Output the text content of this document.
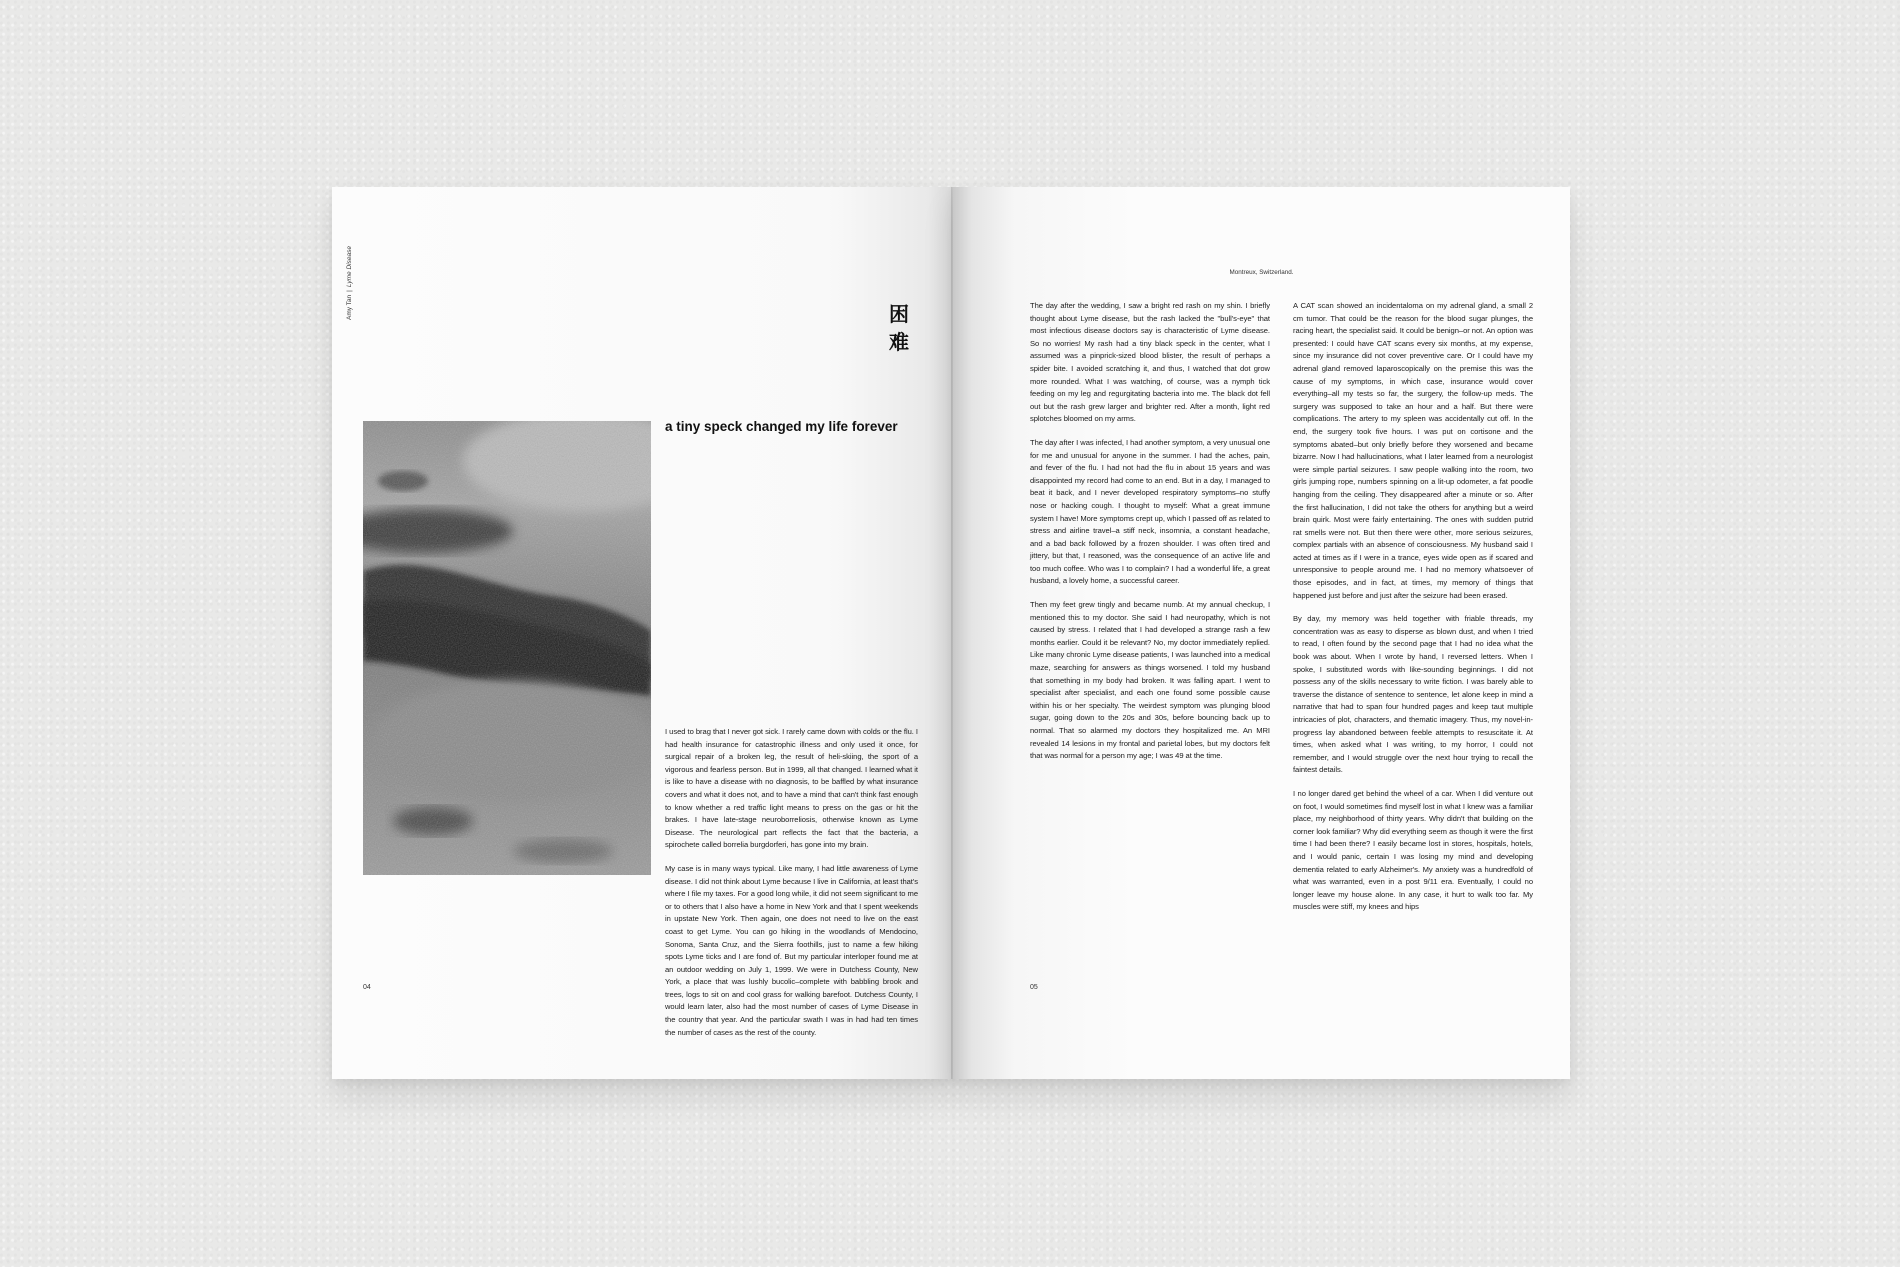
Amy Tan|Lyme Disease
困
难
a tiny speck changed my life forever

I used to brag that I never got sick. I rarely came down with colds or the flu. I had health insurance for catastrophic illness and only used it once, for surgical repair of a broken leg, the result of heli-skiing, the sport of a vigorous and fearless person. But in 1999, all that changed. I learned what it is like to have a disease with no diagnosis, to be baffled by what insurance covers and what it does not, and to have a mind that can't think fast enough to know whether a red traffic light means to press on the gas or hit the brakes. I have late-stage neuroborreliosis, otherwise known as Lyme Disease. The neurological part reflects the fact that the bacteria, a spirochete called borrelia burgdorferi, has gone into my brain.

My case is in many ways typical. Like many, I had little awareness of Lyme disease. I did not think about Lyme because I live in California, at least that's where I file my taxes. For a good long while, it did not seem significant to me or to others that I also have a home in New York and that I spent weekends in upstate New York. Then again, one does not need to live on the east coast to get Lyme. You can go hiking in the woodlands of Mendocino, Sonoma, Santa Cruz, and the Sierra foothills, just to name a few hiking spots Lyme ticks and I are fond of. But my particular interloper found me at an outdoor wedding on July 1, 1999. We were in Dutchess County, New York, a place that was lushly bucolic–complete with babbling brook and trees, logs to sit on and cool grass for walking barefoot. Dutchess County, I would learn later, also had the most number of cases of Lyme Disease in the country that year. And the particular swath I was in had had ten times the number of cases as the rest of the county.

04
Montreux, Switzerland.

The day after the wedding, I saw a bright red rash on my shin. I briefly thought about Lyme disease, but the rash lacked the "bull's-eye" that most infectious disease doctors say is characteristic of Lyme disease. So no worries! My rash had a tiny black speck in the center, what I assumed was a pinprick-sized blood blister, the result of perhaps a spider bite. I avoided scratching it, and thus, I watched that dot grow more rounded. What I was watching, of course, was a nymph tick feeding on my leg and regurgitating bacteria into me. The black dot fell out but the rash grew larger and brighter red. After a month, light red splotches bloomed on my arms.

The day after I was infected, I had another symptom, a very unusual one for me and unusual for anyone in the summer. I had the aches, pain, and fever of the flu. I had not had the flu in about 15 years and was disappointed my record had come to an end. But in a day, I managed to beat it back, and I never developed respiratory symptoms–no stuffy nose or hacking cough. I thought to myself: What a great immune system I have! More symptoms crept up, which I passed off as related to stress and airline travel–a stiff neck, insomnia, a constant headache, and a bad back followed by a frozen shoulder. I was often tired and jittery, but that, I reasoned, was the consequence of an active life and too much coffee. Who was I to complain? I had a wonderful life, a great husband, a lovely home, a successful career.

Then my feet grew tingly and became numb. At my annual checkup, I mentioned this to my doctor. She said I had neuropathy, which is not caused by stress. I related that I had developed a strange rash a few months earlier. Could it be relevant? No, my doctor immediately replied. Like many chronic Lyme disease patients, I was launched into a medical maze, searching for answers as things worsened. I told my husband that something in my body had broken. It was falling apart. I went to specialist after specialist, and each one found some possible cause within his or her specialty. The weirdest symptom was plunging blood sugar, going down to the 20s and 30s, before bouncing back up to normal. That so alarmed my doctors they hospitalized me. An MRI revealed 14 lesions in my frontal and parietal lobes, but my doctors felt that was normal for a person my age; I was 49 at the time.

A CAT scan showed an incidentaloma on my adrenal gland, a small 2 cm tumor. That could be the reason for the blood sugar plunges, the racing heart, the specialist said. It could be benign–or not. An option was presented: I could have CAT scans every six months, at my expense, since my insurance did not cover preventive care. Or I could have my adrenal gland removed laparoscopically on the premise this was the cause of my symptoms, in which case, insurance would cover everything–all my tests so far, the surgery, the follow-up meds. The surgery was supposed to take an hour and a half. But there were complications. The artery to my spleen was accidentally cut off. In the end, the surgery took five hours. I was put on cortisone and the symptoms abated–but only briefly before they worsened and became bizarre. Now I had hallucinations, what I later learned from a neurologist were simple partial seizures. I saw people walking into the room, two girls jumping rope, numbers spinning on a lit-up odometer, a fat poodle hanging from the ceiling. They disappeared after a minute or so. After the first hallucination, I did not take the others for anything but a weird brain quirk. Most were fairly entertaining. The ones with sudden putrid rat smells were not. But then there were other, more serious seizures, complex partials with an absence of consciousness. My husband said I acted at times as if I were in a trance, eyes wide open as if scared and unresponsive to people around me. I had no memory whatsoever of those episodes, and in fact, at times, my memory of things that happened just before and just after the seizure had been erased.

By day, my memory was held together with friable threads, my concentration was as easy to disperse as blown dust, and when I tried to read, I often found by the second page that I had no idea what the book was about. When I wrote by hand, I reversed letters. When I spoke, I substituted words with like-sounding beginnings. I did not possess any of the skills necessary to write fiction. I was barely able to traverse the distance of sentence to sentence, let alone keep in mind a narrative that had to span four hundred pages and keep taut multiple intricacies of plot, characters, and thematic imagery. Thus, my novel-in-progress lay abandoned between feeble attempts to resuscitate it. At times, when asked what I was writing, to my horror, I could not remember, and I would struggle over the next hour trying to recall the faintest details.

I no longer dared get behind the wheel of a car. When I did venture out on foot, I would sometimes find myself lost in what I knew was a familiar place, my neighborhood of thirty years. Why didn't that building on the corner look familiar? Why did everything seem as though it were the first time I had been there? I easily became lost in stores, hospitals, hotels, and I would panic, certain I was losing my mind and developing dementia related to early Alzheimer's. My anxiety was a hundredfold of what was warranted, even in a post 9/11 era. Eventually, I could no longer leave my house alone. In any case, it hurt to walk too far. My muscles were stiff, my knees and hips

05
